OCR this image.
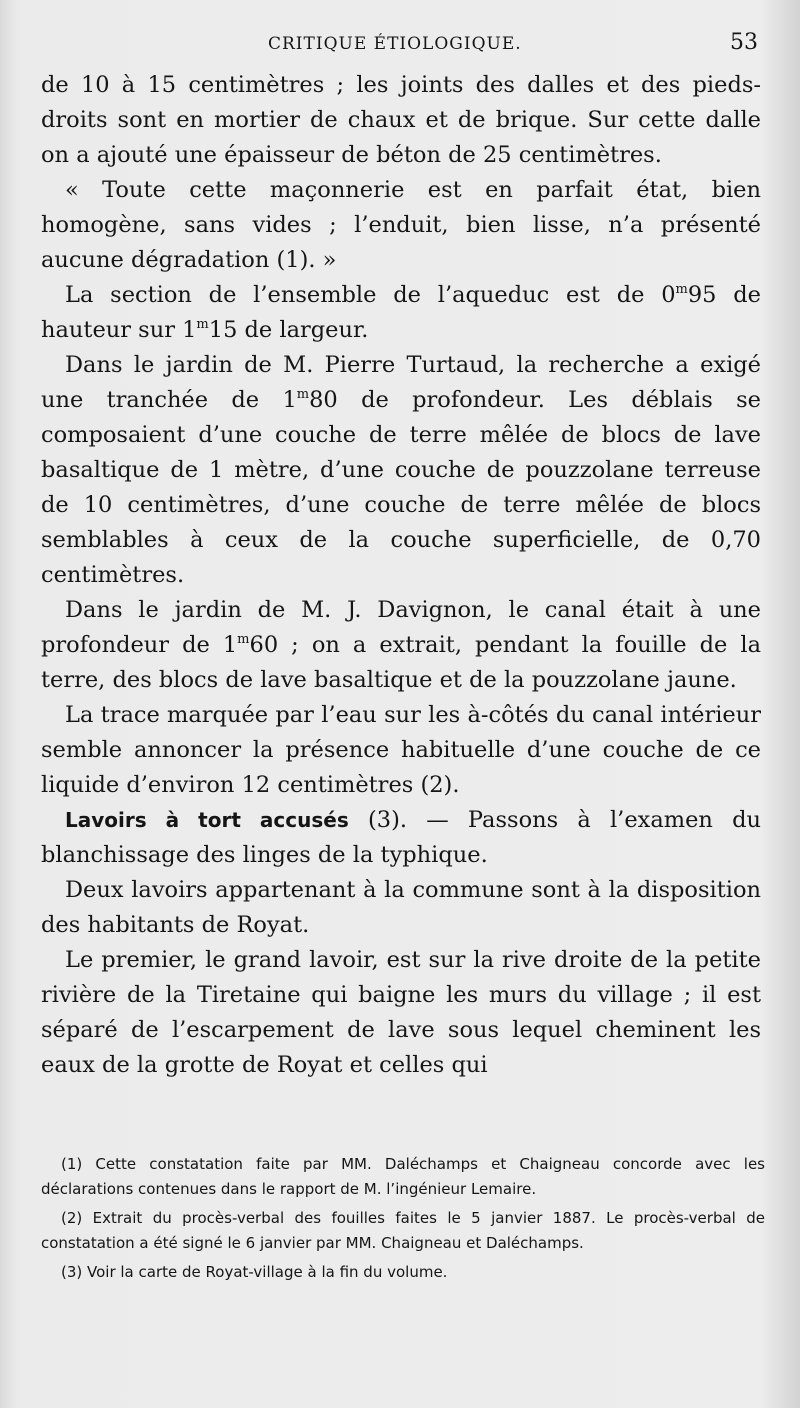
CRITIQUE ÉTIOLOGIQUE.	53

de 10 à 15 centimètres ; les joints des dalles et des pieds-droits sont en mortier de chaux et de brique. Sur cette dalle on a ajouté une épaisseur de béton de 25 centimètres.

« Toute cette maçonnerie est en parfait état, bien homogène, sans vides ; l’enduit, bien lisse, n’a présenté aucune dégradation (1). »

La section de l’ensemble de l’aqueduc est de 0$^m$95 de hauteur sur 1$^m$15 de largeur.

Dans le jardin de M. Pierre Turtaud, la recherche a exigé une tranchée de 1$^m$80 de profondeur. Les déblais se composaient d’une couche de terre mêlée de blocs de lave basaltique de 1 mètre, d’une couche de pouzzolane terreuse de 10 centimètres, d’une couche de terre mêlée de blocs semblables à ceux de la couche superficielle, de 0,70 centimètres.

Dans le jardin de M. J. Davignon, le canal était à une profondeur de 1$^m$60 ; on a extrait, pendant la fouille de la terre, des blocs de lave basaltique et de la pouzzolane jaune.

La trace marquée par l’eau sur les à-côtés du canal intérieur semble annoncer la présence habituelle d’une couche de ce liquide d’environ 12 centimètres (2).

Lavoirs à tort accusés (3). — Passons à l’examen du blanchissage des linges de la typhique.

Deux lavoirs appartenant à la commune sont à la disposition des habitants de Royat.

Le premier, le grand lavoir, est sur la rive droite de la petite rivière de la Tiretaine qui baigne les murs du village ; il est séparé de l’escarpement de lave sous lequel cheminent les eaux de la grotte de Royat et celles qui

(1) Cette constatation faite par MM. Daléchamps et Chaigneau concorde avec les déclarations contenues dans le rapport de M. l’ingénieur Lemaire.

(2) Extrait du procès-verbal des fouilles faites le 5 janvier 1887. Le procès-verbal de constatation a été signé le 6 janvier par MM. Chaigneau et Daléchamps.

(3) Voir la carte de Royat-village à la fin du volume.
